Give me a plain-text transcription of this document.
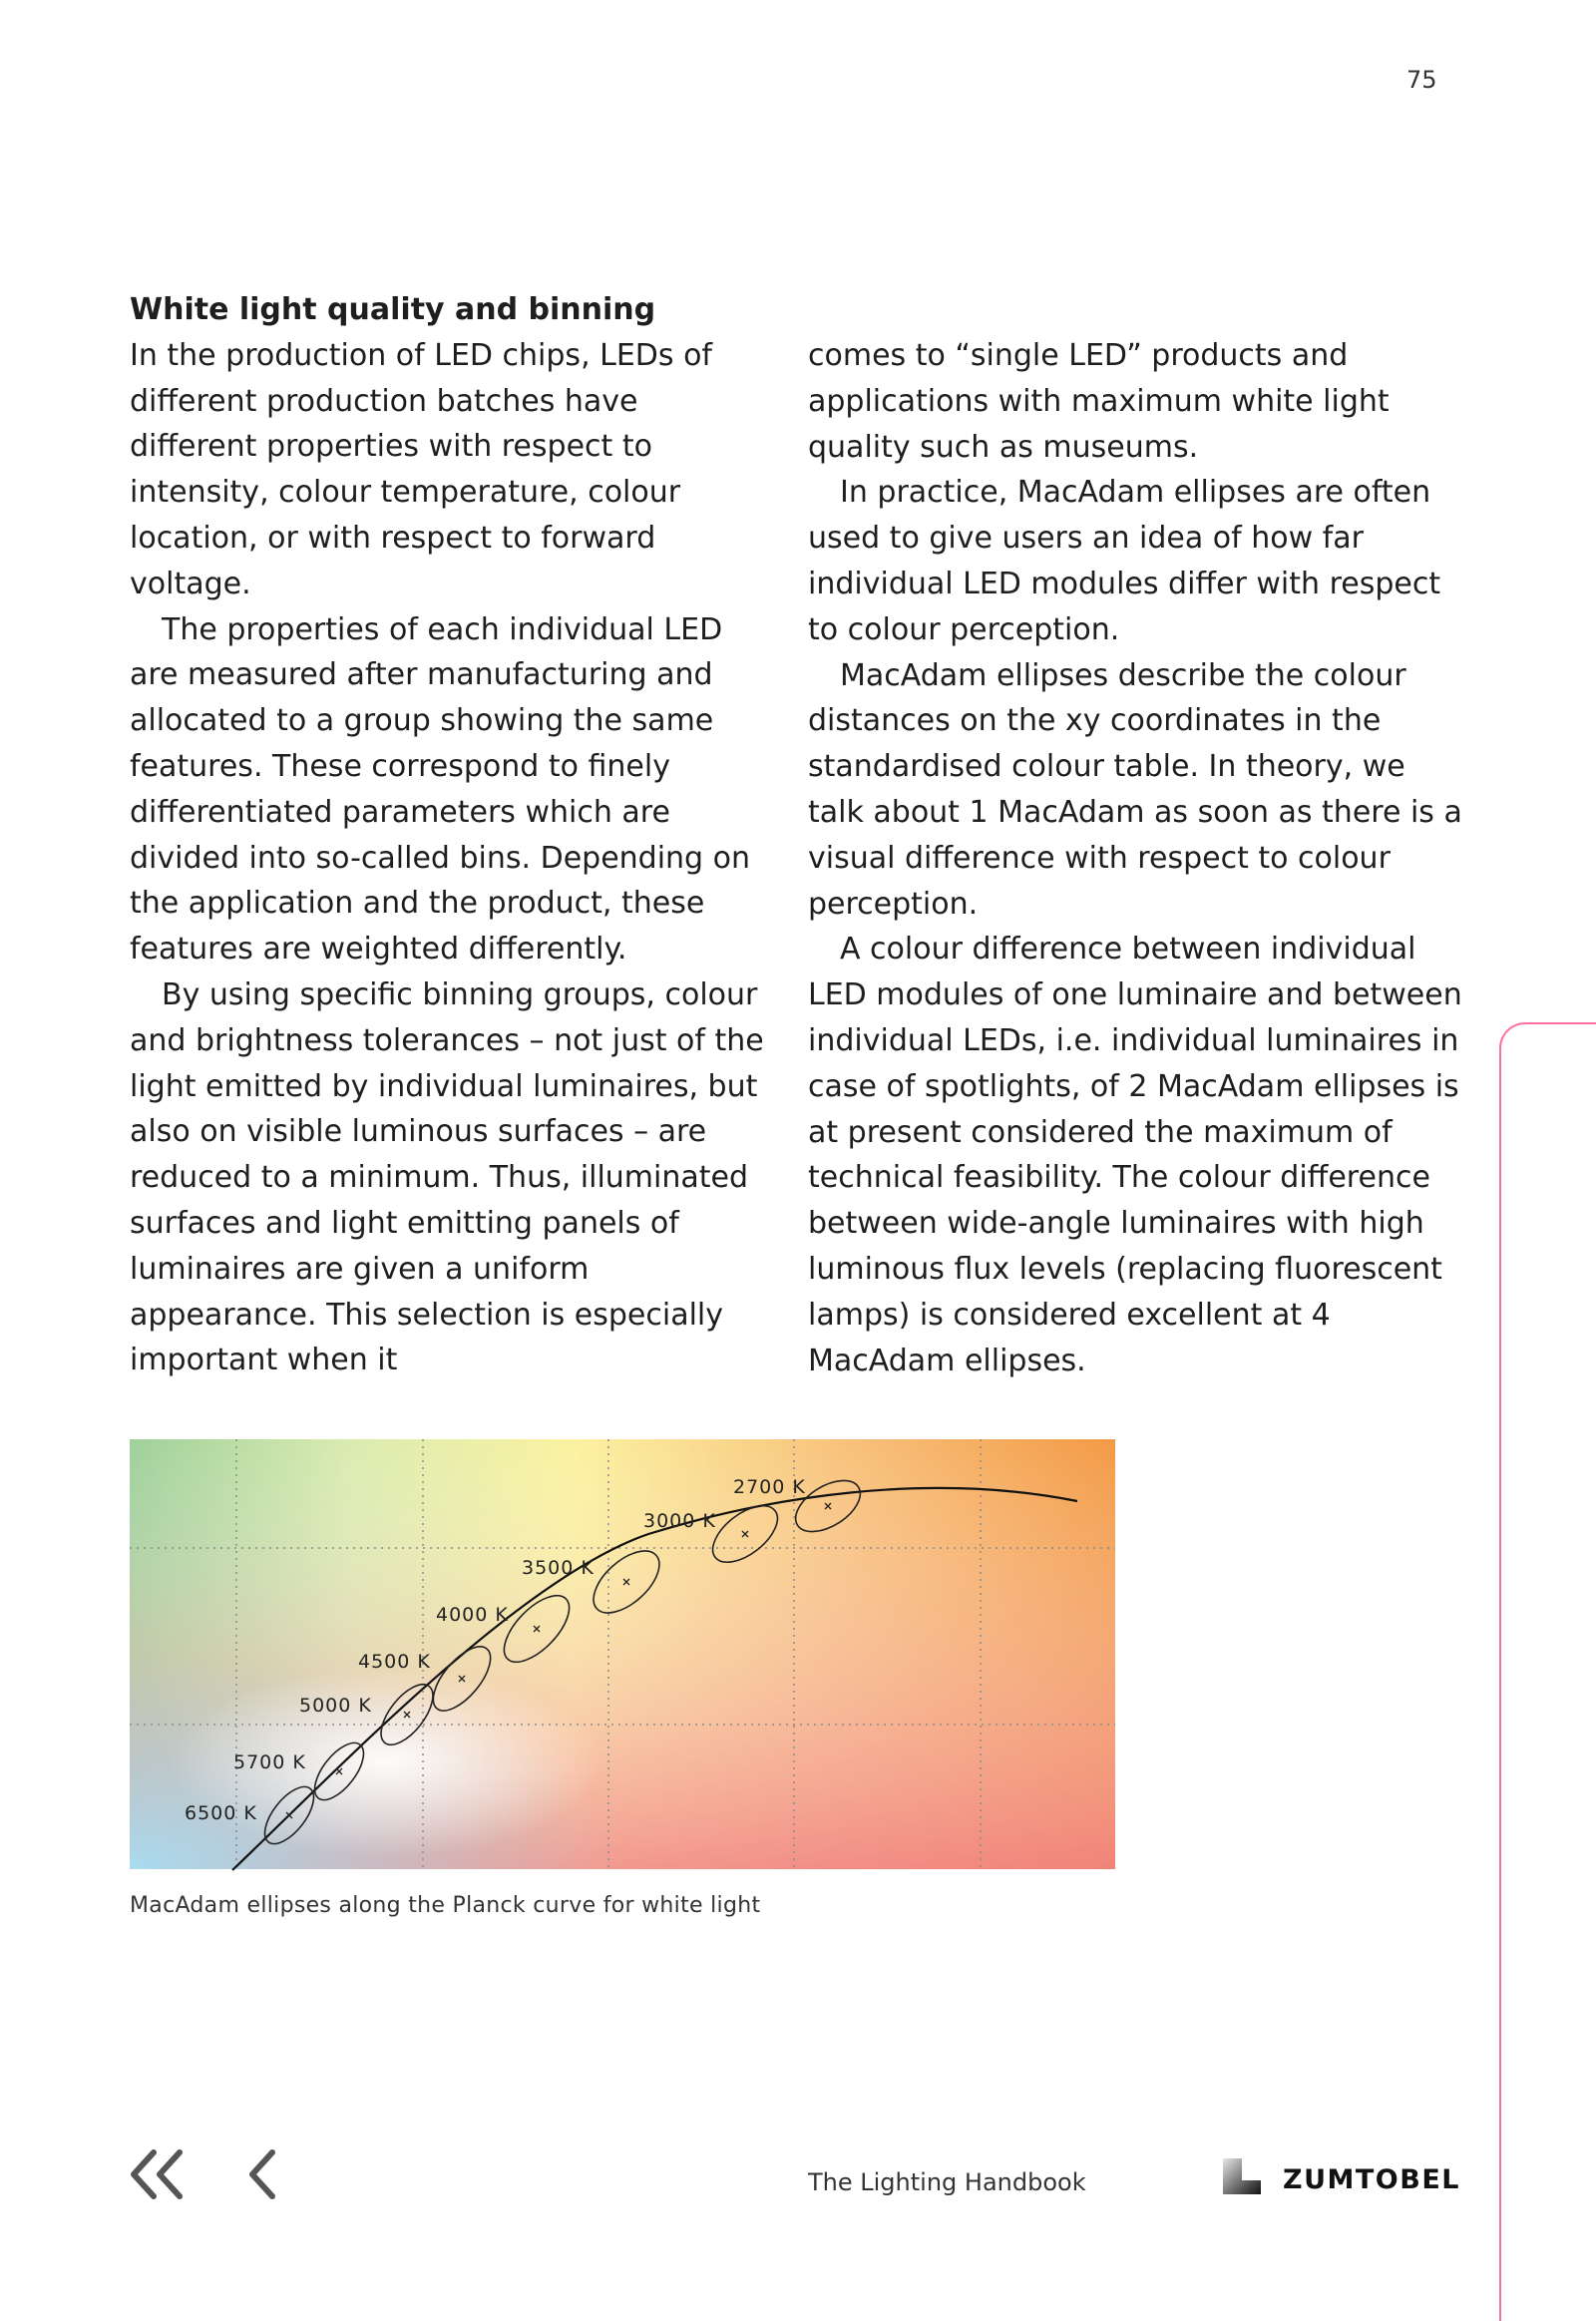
75

White light quality and binning

In the production of LED chips, LEDs of different production batches have different properties with respect to intensity, colour temperature, colour location, or with respect to forward voltage.

The properties of each individual LED are measured after manufacturing and allocated to a group showing the same features. These correspond to finely differentiated parameters which are divided into so-called bins. Depending on the application and the product, these features are weighted differently.

By using specific binning groups, colour and brightness tolerances – not just of the light emitted by individual luminaires, but also on visible luminous surfaces – are reduced to a minimum. Thus, illuminated surfaces and light emitting panels of luminaires are given a uniform appearance. This selection is especially important when it

comes to “single LED” products and applications with maximum white light quality such as museums.

In practice, MacAdam ellipses are often used to give users an idea of how far individual LED modules differ with respect to colour perception.

MacAdam ellipses describe the colour distances on the xy coordinates in the standardised colour table. In theory, we talk about 1 MacAdam as soon as there is a visual difference with respect to colour perception.

A colour difference between individual LED modules of one luminaire and between individual LEDs, i.e. individual luminaires in case of spotlights, of 2 MacAdam ellipses is at present considered the maximum of technical feasibility. The colour difference between wide-angle luminaires with high luminous flux levels (replacing fluorescent lamps) is considered excellent at 4 MacAdam ellipses.

6500 K
5700 K
5000 K
4500 K
4000 K
3500 K
3000 K
2700 K
MacAdam ellipses along the Planck curve for white light
The Lighting Handbook	ZUMTOBEL
